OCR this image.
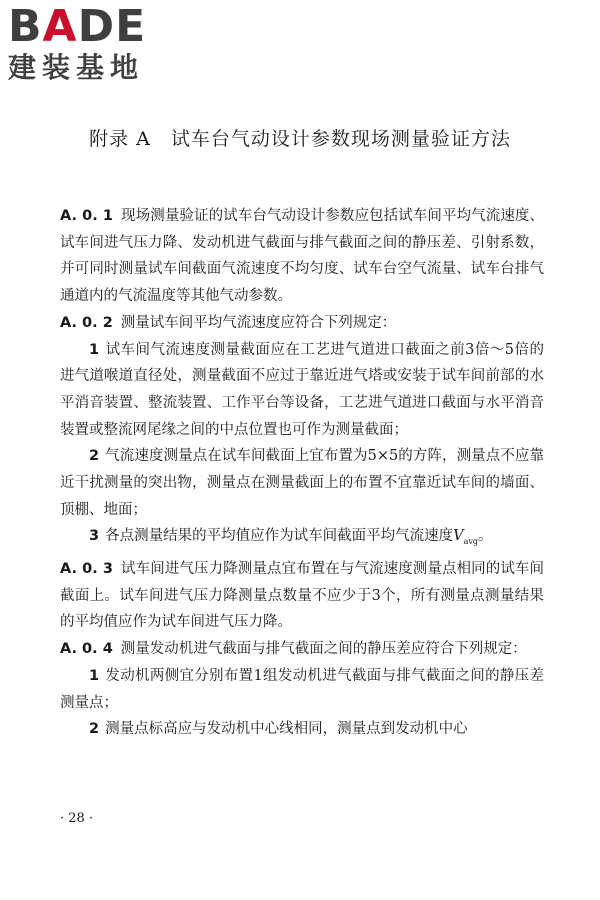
BADE
建装基地
附录 A　试车台气动设计参数现场测量验证方法

A. 0. 1 现场测量验证的试车台气动设计参数应包括试车间平均气流速度、试车间进气压力降、发动机进气截面与排气截面之间的静压差、引射系数，并可同时测量试车间截面气流速度不均匀度、试车台空气流量、试车台排气通道内的气流温度等其他气动参数。

A. 0. 2 测量试车间平均气流速度应符合下列规定：

1 试车间气流速度测量截面应在工艺进气道进口截面之前3倍～5倍的进气道喉道直径处，测量截面不应过于靠近进气塔或安装于试车间前部的水平消音装置、整流装置、工作平台等设备，工艺进气道进口截面与水平消音装置或整流网尾缘之间的中点位置也可作为测量截面；

2 气流速度测量点在试车间截面上宜布置为5×5的方阵，测量点不应靠近干扰测量的突出物，测量点在测量截面上的布置不宜靠近试车间的墙面、顶棚、地面；

3 各点测量结果的平均值应作为试车间截面平均气流速度$V_{avg}$。

A. 0. 3 试车间进气压力降测量点宜布置在与气流速度测量点相同的试车间截面上。试车间进气压力降测量点数量不应少于3个，所有测量点测量结果的平均值应作为试车间进气压力降。

A. 0. 4 测量发动机进气截面与排气截面之间的静压差应符合下列规定：

1 发动机两侧宜分别布置1组发动机进气截面与排气截面之间的静压差测量点；

2 测量点标高应与发动机中心线相同，测量点到发动机中心

· 28 ·
